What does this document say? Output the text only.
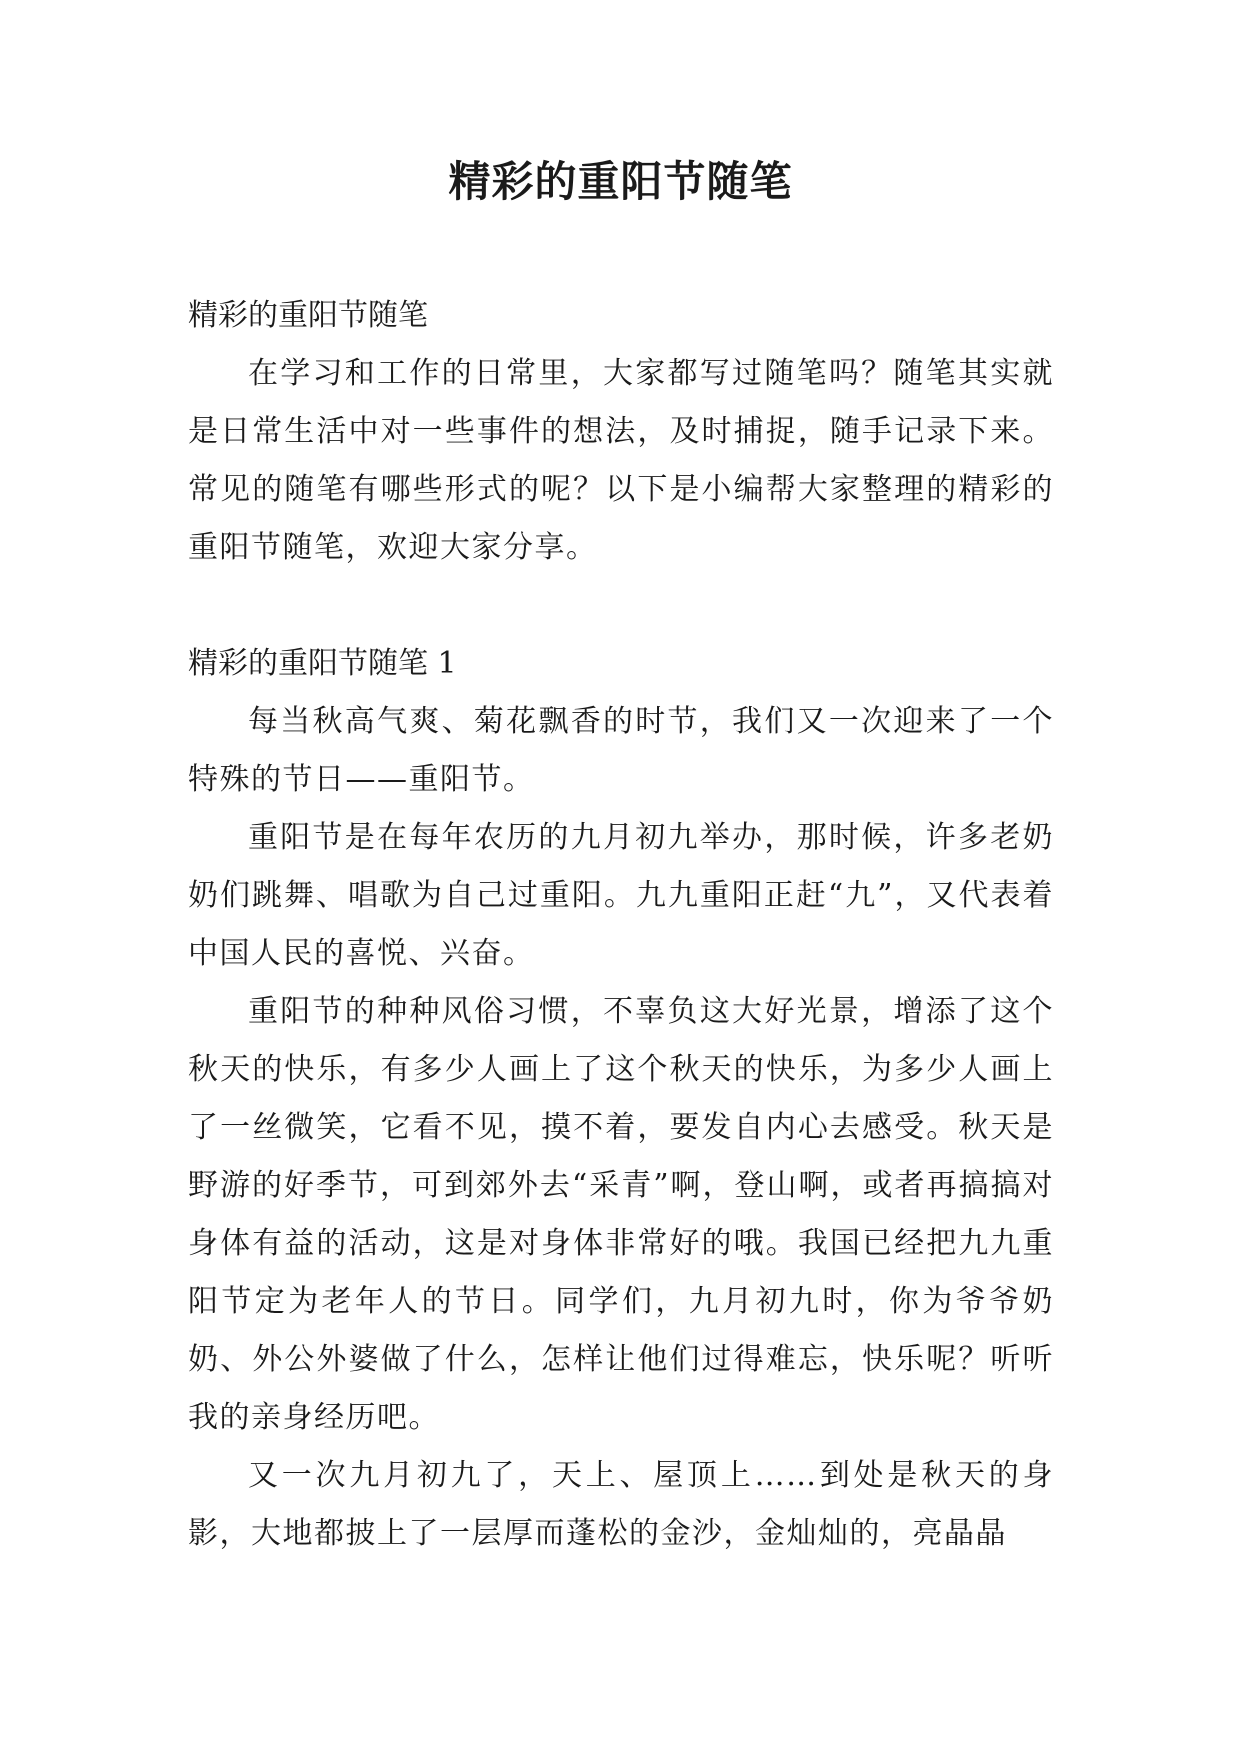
精彩的重阳节随笔

精彩的重阳节随笔

在学习和工作的日常里，大家都写过随笔吗？随笔其实就是日常生活中对一些事件的想法，及时捕捉，随手记录下来。常见的随笔有哪些形式的呢？以下是小编帮大家整理的精彩的重阳节随笔，欢迎大家分享。

精彩的重阳节随笔 1

每当秋高气爽、菊花飘香的时节，我们又一次迎来了一个特殊的节日——重阳节。

重阳节是在每年农历的九月初九举办，那时候，许多老奶奶们跳舞、唱歌为自己过重阳。九九重阳正赶“九”，又代表着中国人民的喜悦、兴奋。

重阳节的种种风俗习惯，不辜负这大好光景，增添了这个秋天的快乐，有多少人画上了这个秋天的快乐，为多少人画上了一丝微笑，它看不见，摸不着，要发自内心去感受。秋天是野游的好季节，可到郊外去“采青”啊，登山啊，或者再搞搞对身体有益的活动，这是对身体非常好的哦。我国已经把九九重阳节定为老年人的节日。同学们，九月初九时，你为爷爷奶奶、外公外婆做了什么，怎样让他们过得难忘，快乐呢？听听我的亲身经历吧。

又一次九月初九了，天上、屋顶上……到处是秋天的身影，大地都披上了一层厚而蓬松的金沙，金灿灿的，亮晶晶
